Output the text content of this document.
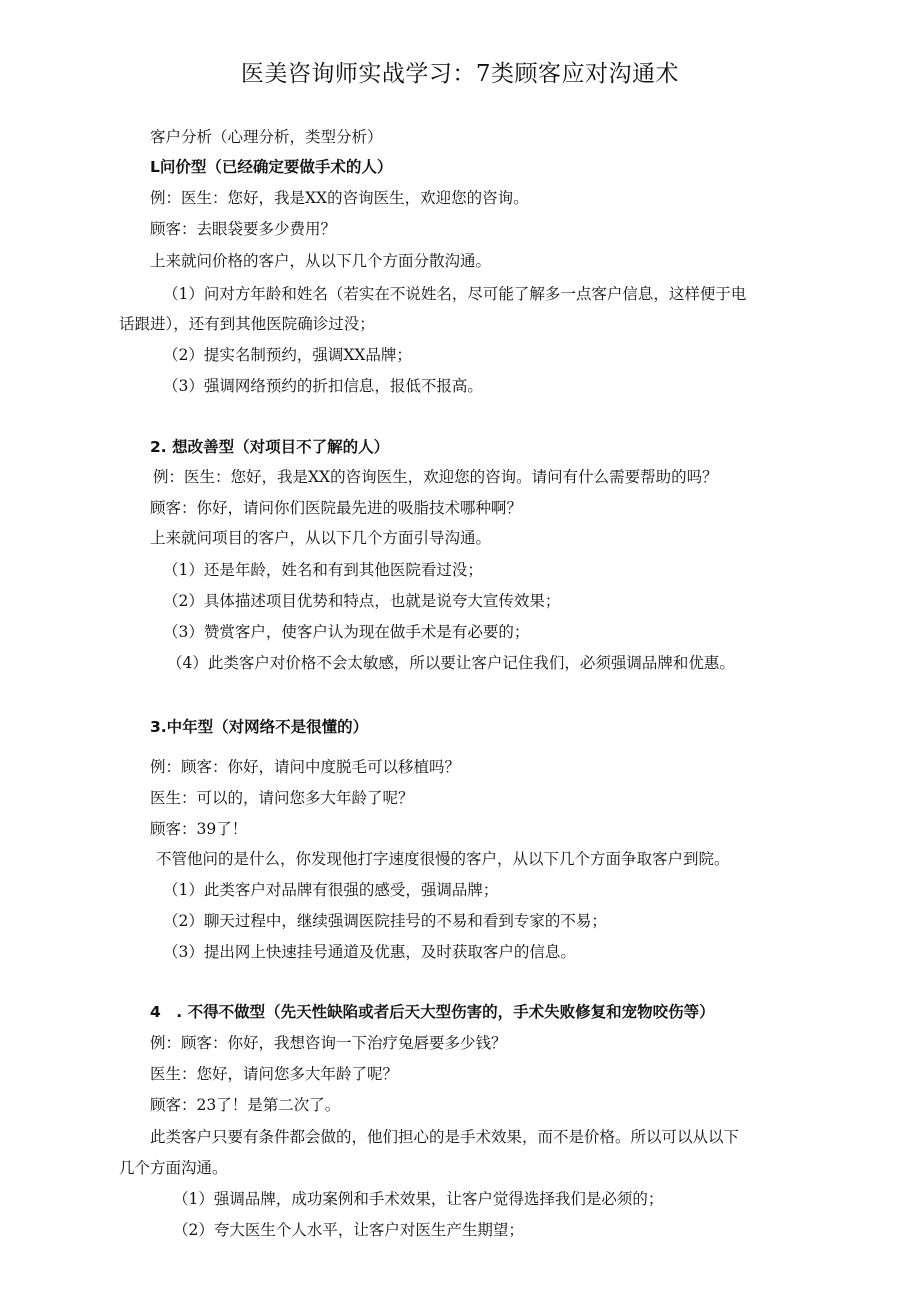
医美咨询师实战学习：7类顾客应对沟通术
客户分析（心理分析，类型分析）
L问价型（已经确定要做手术的人）
例：医生：您好，我是XX的咨询医生，欢迎您的咨询。
顾客：去眼袋要多少费用？
上来就问价格的客户，从以下几个方面分散沟通。
（1）问对方年龄和姓名（若实在不说姓名，尽可能了解多一点客户信息，这样便于电
话跟进），还有到其他医院确诊过没；
（2）提实名制预约，强调XX品牌；
（3）强调网络预约的折扣信息，报低不报高。
2. 想改善型（对项目不了解的人）
例：医生：您好，我是XX的咨询医生，欢迎您的咨询。请问有什么需要帮助的吗？
顾客：你好，请问你们医院最先进的吸脂技术哪种啊？
上来就问项目的客户，从以下几个方面引导沟通。
（1）还是年龄，姓名和有到其他医院看过没；
（2）具体描述项目优势和特点，也就是说夸大宣传效果；
（3）赞赏客户，使客户认为现在做手术是有必要的；
（4）此类客户对价格不会太敏感，所以要让客户记住我们，必须强调品牌和优惠。
3.中年型（对网络不是很懂的）
例：顾客：你好，请问中度脱毛可以移植吗？
医生：可以的，请问您多大年龄了呢？
顾客：39了！
不管他问的是什么，你发现他打字速度很慢的客户，从以下几个方面争取客户到院。
（1）此类客户对品牌有很强的感受，强调品牌；
（2）聊天过程中，继续强调医院挂号的不易和看到专家的不易；
（3）提出网上快速挂号通道及优惠，及时获取客户的信息。
4　. 不得不做型（先天性缺陷或者后天大型伤害的，手术失败修复和宠物咬伤等）
例：顾客：你好，我想咨询一下治疗兔唇要多少钱？
医生：您好，请问您多大年龄了呢？
顾客：23了！是第二次了。
此类客户只要有条件都会做的，他们担心的是手术效果，而不是价格。所以可以从以下
几个方面沟通。
（1）强调品牌，成功案例和手术效果，让客户觉得选择我们是必须的；
（2）夸大医生个人水平，让客户对医生产生期望；
